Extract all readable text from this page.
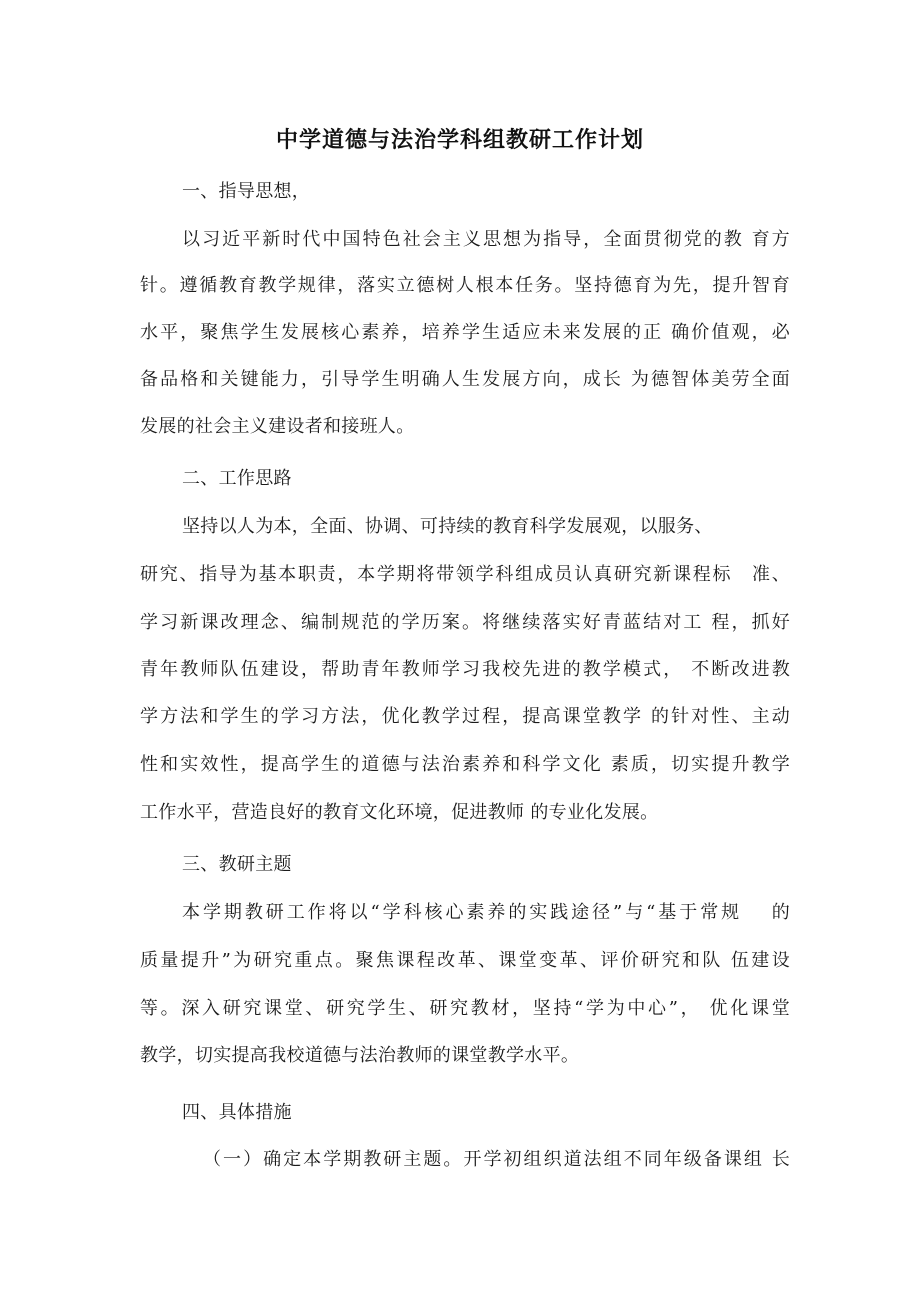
中学道德与法治学科组教研工作计划
一、指导思想，
以习近平新时代中国特色社会主义思想为指导，全面贯彻党的教 育方
针。遵循教育教学规律，落实立德树人根本任务。坚持德育为先，提升智育
水平，聚焦学生发展核心素养，培养学生适应未来发展的正 确价值观，必
备品格和关键能力，引导学生明确人生发展方向，成长 为德智体美劳全面
发展的社会主义建设者和接班人。
二、工作思路
坚持以人为本，全面、协调、可持续的教育科学发展观，以服务、
研究、指导为基本职责，本学期将带领学科组成员认真研究新课程标　准、
学习新课改理念、编制规范的学历案。将继续落实好青蓝结对工 程，抓好
青年教师队伍建设，帮助青年教师学习我校先进的教学模式， 不断改进教
学方法和学生的学习方法，优化教学过程，提高课堂教学 的针对性、主动
性和实效性，提高学生的道德与法治素养和科学文化 素质，切实提升教学
工作水平，营造良好的教育文化环境，促进教师 的专业化发展。
三、教研主题
本学期教研工作将以“学科核心素养的实践途径”与“基于常规　 的
质量提升”为研究重点。聚焦课程改革、课堂变革、评价研究和队 伍建设
等。深入研究课堂、研究学生、研究教材，坚持“学为中心”， 优化课堂
教学，切实提高我校道德与法治教师的课堂教学水平。
四、具体措施
（一）确定本学期教研主题。开学初组织道法组不同年级备课组 长
